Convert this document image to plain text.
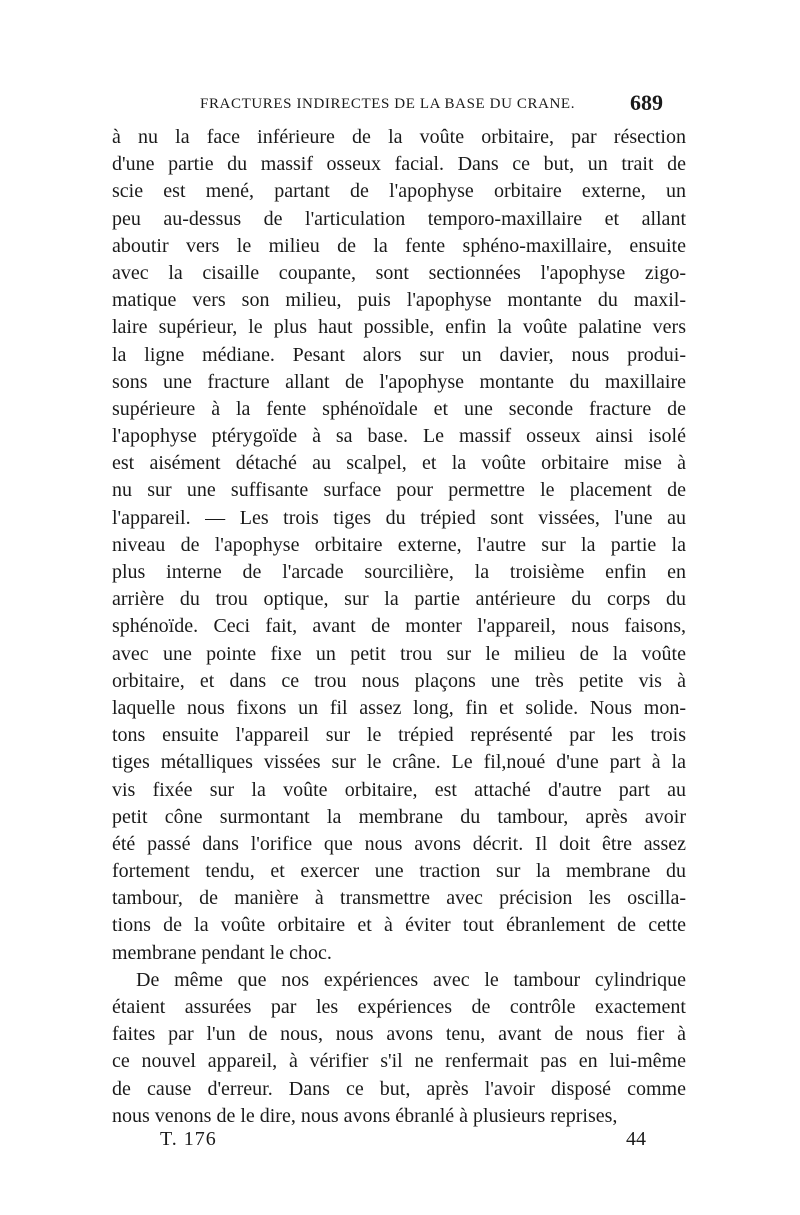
FRACTURES INDIRECTES DE LA BASE DU CRANE. 689
à nu la face inférieure de la voûte orbitaire, par résection
d'une partie du massif osseux facial. Dans ce but, un trait de
scie est mené, partant de l'apophyse orbitaire externe, un
peu au-dessus de l'articulation temporo-maxillaire et allant
aboutir vers le milieu de la fente sphéno-maxillaire, ensuite
avec la cisaille coupante, sont sectionnées l'apophyse zigo-
matique vers son milieu, puis l'apophyse montante du maxil-
laire supérieur, le plus haut possible, enfin la voûte palatine vers
la ligne médiane. Pesant alors sur un davier, nous produi-
sons une fracture allant de l'apophyse montante du maxillaire
supérieure à la fente sphénoïdale et une seconde fracture de
l'apophyse ptérygoïde à sa base. Le massif osseux ainsi isolé
est aisément détaché au scalpel, et la voûte orbitaire mise à
nu sur une suffisante surface pour permettre le placement de
l'appareil. — Les trois tiges du trépied sont vissées, l'une au
niveau de l'apophyse orbitaire externe, l'autre sur la partie la
plus interne de l'arcade sourcilière, la troisième enfin en
arrière du trou optique, sur la partie antérieure du corps du
sphénoïde. Ceci fait, avant de monter l'appareil, nous faisons,
avec une pointe fixe un petit trou sur le milieu de la voûte
orbitaire, et dans ce trou nous plaçons une très petite vis à
laquelle nous fixons un fil assez long, fin et solide. Nous mon-
tons ensuite l'appareil sur le trépied représenté par les trois
tiges métalliques vissées sur le crâne. Le fil,noué d'une part à la
vis fixée sur la voûte orbitaire, est attaché d'autre part au
petit cône surmontant la membrane du tambour, après avoir
été passé dans l'orifice que nous avons décrit. Il doit être assez
fortement tendu, et exercer une traction sur la membrane du
tambour, de manière à transmettre avec précision les oscilla-
tions de la voûte orbitaire et à éviter tout ébranlement de cette
membrane pendant le choc.
De même que nos expériences avec le tambour cylindrique
étaient assurées par les expériences de contrôle exactement
faites par l'un de nous, nous avons tenu, avant de nous fier à
ce nouvel appareil, à vérifier s'il ne renfermait pas en lui-même
de cause d'erreur. Dans ce but, après l'avoir disposé comme
nous venons de le dire, nous avons ébranlé à plusieurs reprises,
T. 176	44
